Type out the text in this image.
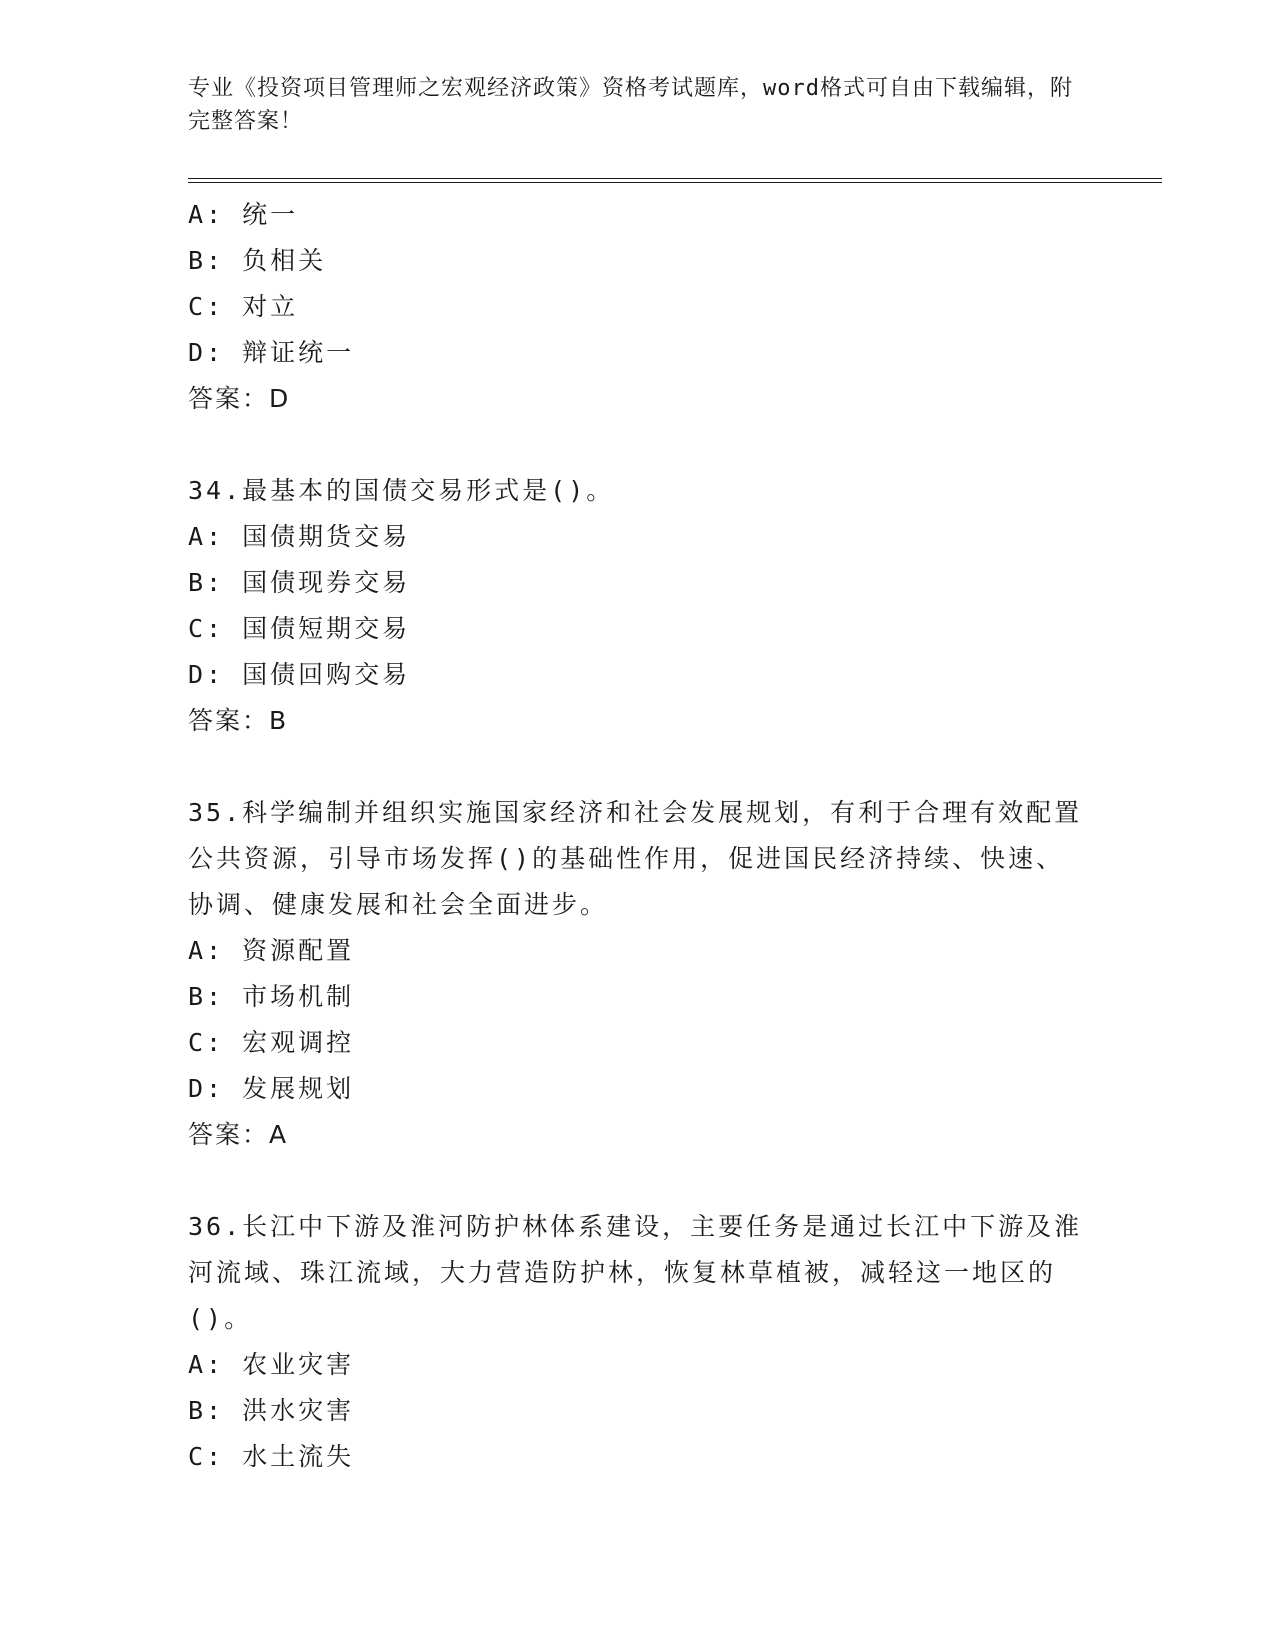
专业《投资项目管理师之宏观经济政策》资格考试题库，word格式可自由下载编辑，附完整答案！
A: 统一
B: 负相关
C: 对立
D: 辩证统一
答案：D
34.最基本的国债交易形式是()。
A: 国债期货交易
B: 国债现券交易
C: 国债短期交易
D: 国债回购交易
答案：B
35.科学编制并组织实施国家经济和社会发展规划，有利于合理有效配置公共资源，引导市场发挥()的基础性作用，促进国民经济持续、快速、协调、健康发展和社会全面进步。
A: 资源配置
B: 市场机制
C: 宏观调控
D: 发展规划
答案：A
36.长江中下游及淮河防护林体系建设，主要任务是通过长江中下游及淮河流域、珠江流域，大力营造防护林，恢复林草植被，减轻这一地区的()。
A: 农业灾害
B: 洪水灾害
C: 水土流失
